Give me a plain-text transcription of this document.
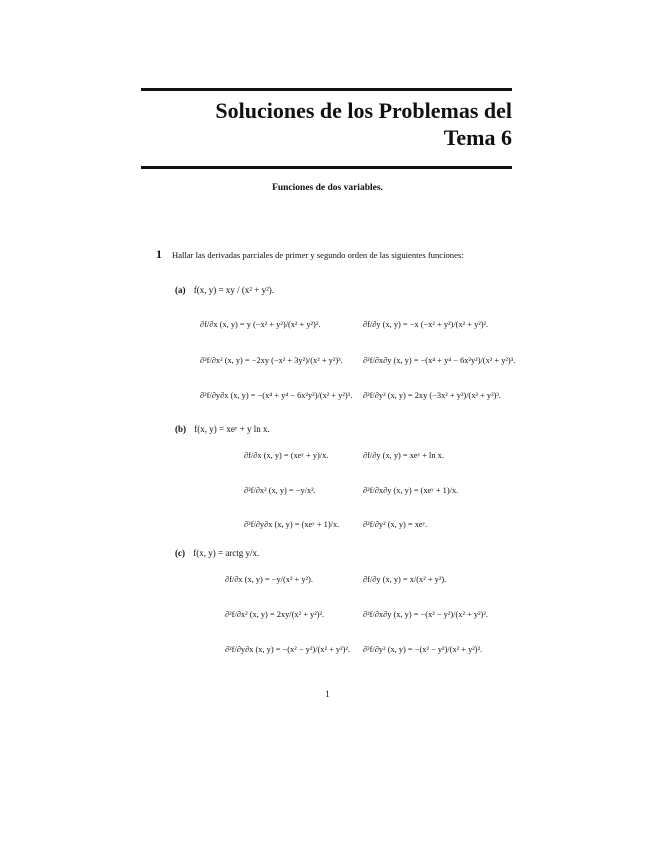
Soluciones de los Problemas del
Tema 6
Funciones de dos variables.
1 Hallar las derivadas parciales de primer y segundo orden de las siguientes funciones:
(a) f(x, y) = xy / (x² + y²).
∂f/∂x (x, y) = y (−x² + y²)/(x² + y²)².	∂f/∂y (x, y) = −x (−x² + y²)/(x² + y²)².
∂²f/∂x² (x, y) = −2xy (−x² + 3y²)/(x² + y²)³. ∂²f/∂x∂y (x, y) = −(x⁴ + y⁴ − 6x²y²)/(x² + y²)³.
∂²f/∂y∂x (x, y) = −(x⁴ + y⁴ − 6x²y²)/(x² + y²)³. ∂²f/∂y² (x, y) = 2xy (−3x² + y²)/(x² + y²)³.
(b) f(x, y) = xeʸ + y ln x.
∂f/∂x (x, y) = (xeʸ + y)/x.	∂f/∂y (x, y) = xeʸ + ln x.
∂²f/∂x² (x, y) = −y/x².	∂²f/∂x∂y (x, y) = (xeʸ + 1)/x.
∂²f/∂y∂x (x, y) = (xeʸ + 1)/x.	∂²f/∂y² (x, y) = xeʸ.
(c) f(x, y) = arctg y/x.
∂f/∂x (x, y) = −y/(x² + y²).	∂f/∂y (x, y) = x/(x² + y²).
∂²f/∂x² (x, y) = 2xy/(x² + y²)².	∂²f/∂x∂y (x, y) = −(x² − y²)/(x² + y²)².
∂²f/∂y∂x (x, y) = −(x² − y²)/(x² + y²)². ∂²f/∂y² (x, y) = −(x² − y²)/(x² + y²)².
1
